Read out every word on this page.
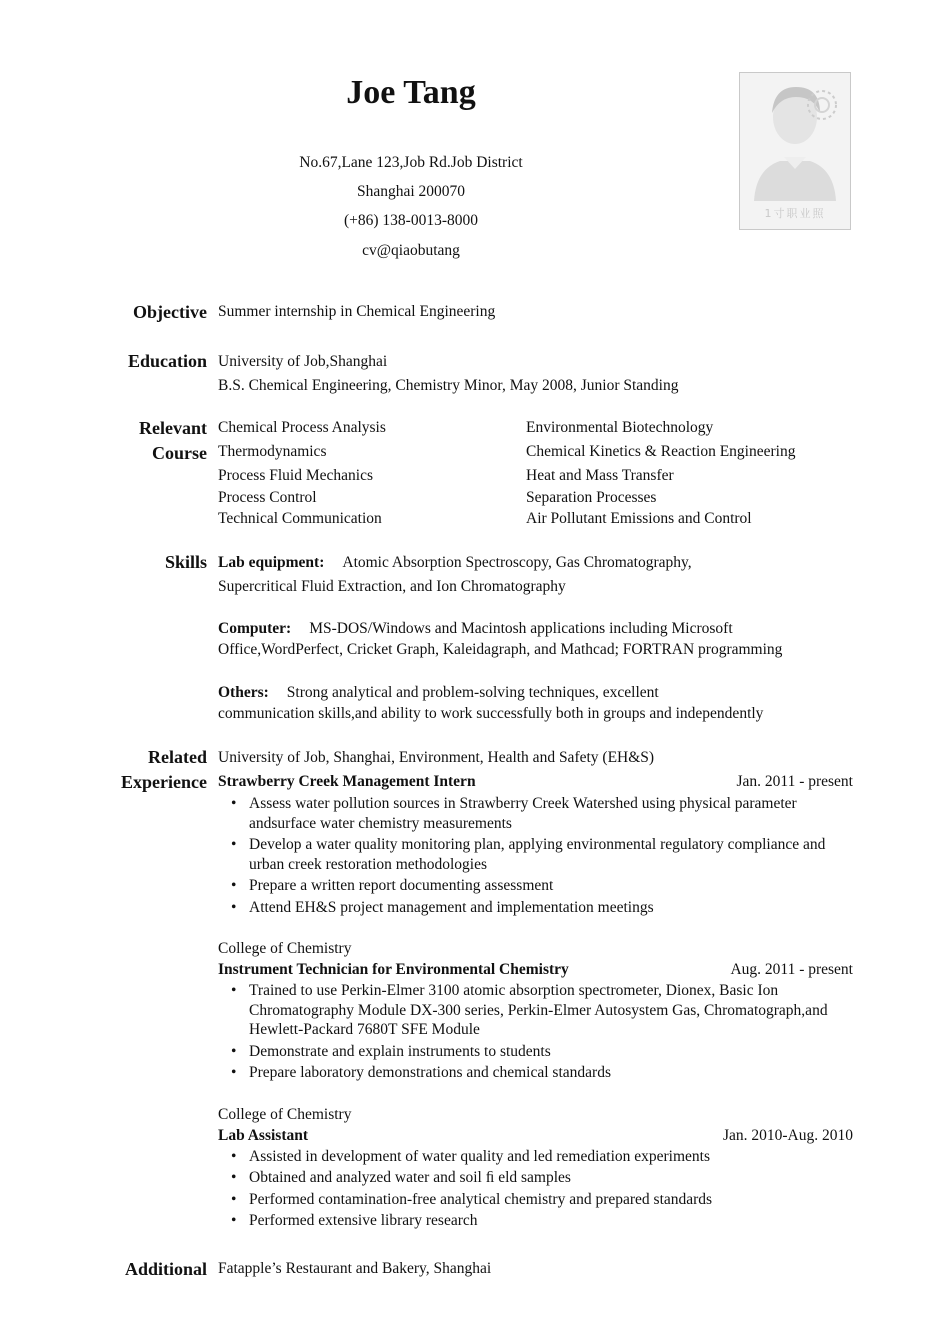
Joe Tang
No.67,Lane 123,Job Rd.Job District
Shanghai 200070
(+86) 138-0013-8000
cv@qiaobutang
1寸职业照
Objective Summer internship in Chemical Engineering
Education University of Job,Shanghai
B.S. Chemical Engineering, Chemistry Minor, May 2008, Junior Standing
Relevant
Course
Chemical Process Analysis	Environmental Biotechnology
Thermodynamics	Chemical Kinetics & Reaction Engineering
Process Fluid Mechanics	Heat and Mass Transfer
Process Control	Separation Processes
Technical Communication	Air Pollutant Emissions and Control
Skills Lab equipment: Atomic Absorption Spectroscopy, Gas Chromatography,
Supercritical Fluid Extraction, and Ion Chromatography
Computer: MS-DOS/Windows and Macintosh applications including Microsoft
Office,WordPerfect, Cricket Graph, Kaleidagraph, and Mathcad; FORTRAN programming
Others: Strong analytical and problem-solving techniques, excellent
communication skills,and ability to work successfully both in groups and independently
Related
Experience
University of Job, Shanghai, Environment, Health and Safety (EH&S)
Strawberry Creek Management Intern	Jan. 2011 - present
• Assess water pollution sources in Strawberry Creek Watershed using physical parameter andsurface water chemistry measurements
• Develop a water quality monitoring plan, applying environmental regulatory compliance and urban creek restoration methodologies
• Prepare a written report documenting assessment
• Attend EH&S project management and implementation meetings
College of Chemistry
Instrument Technician for Environmental Chemistry	Aug. 2011 - present
• Trained to use Perkin-Elmer 3100 atomic absorption spectrometer, Dionex, Basic Ion Chromatography Module DX-300 series, Perkin-Elmer Autosystem Gas, Chromatograph,and Hewlett-Packard 7680T SFE Module
• Demonstrate and explain instruments to students
• Prepare laboratory demonstrations and chemical standards
College of Chemistry
Lab Assistant	Jan. 2010-Aug. 2010
• Assisted in development of water quality and led remediation experiments
• Obtained and analyzed water and soil ﬁ eld samples
• Performed contamination-free analytical chemistry and prepared standards
• Performed extensive library research
Additional Fatapple’s Restaurant and Bakery, Shanghai
